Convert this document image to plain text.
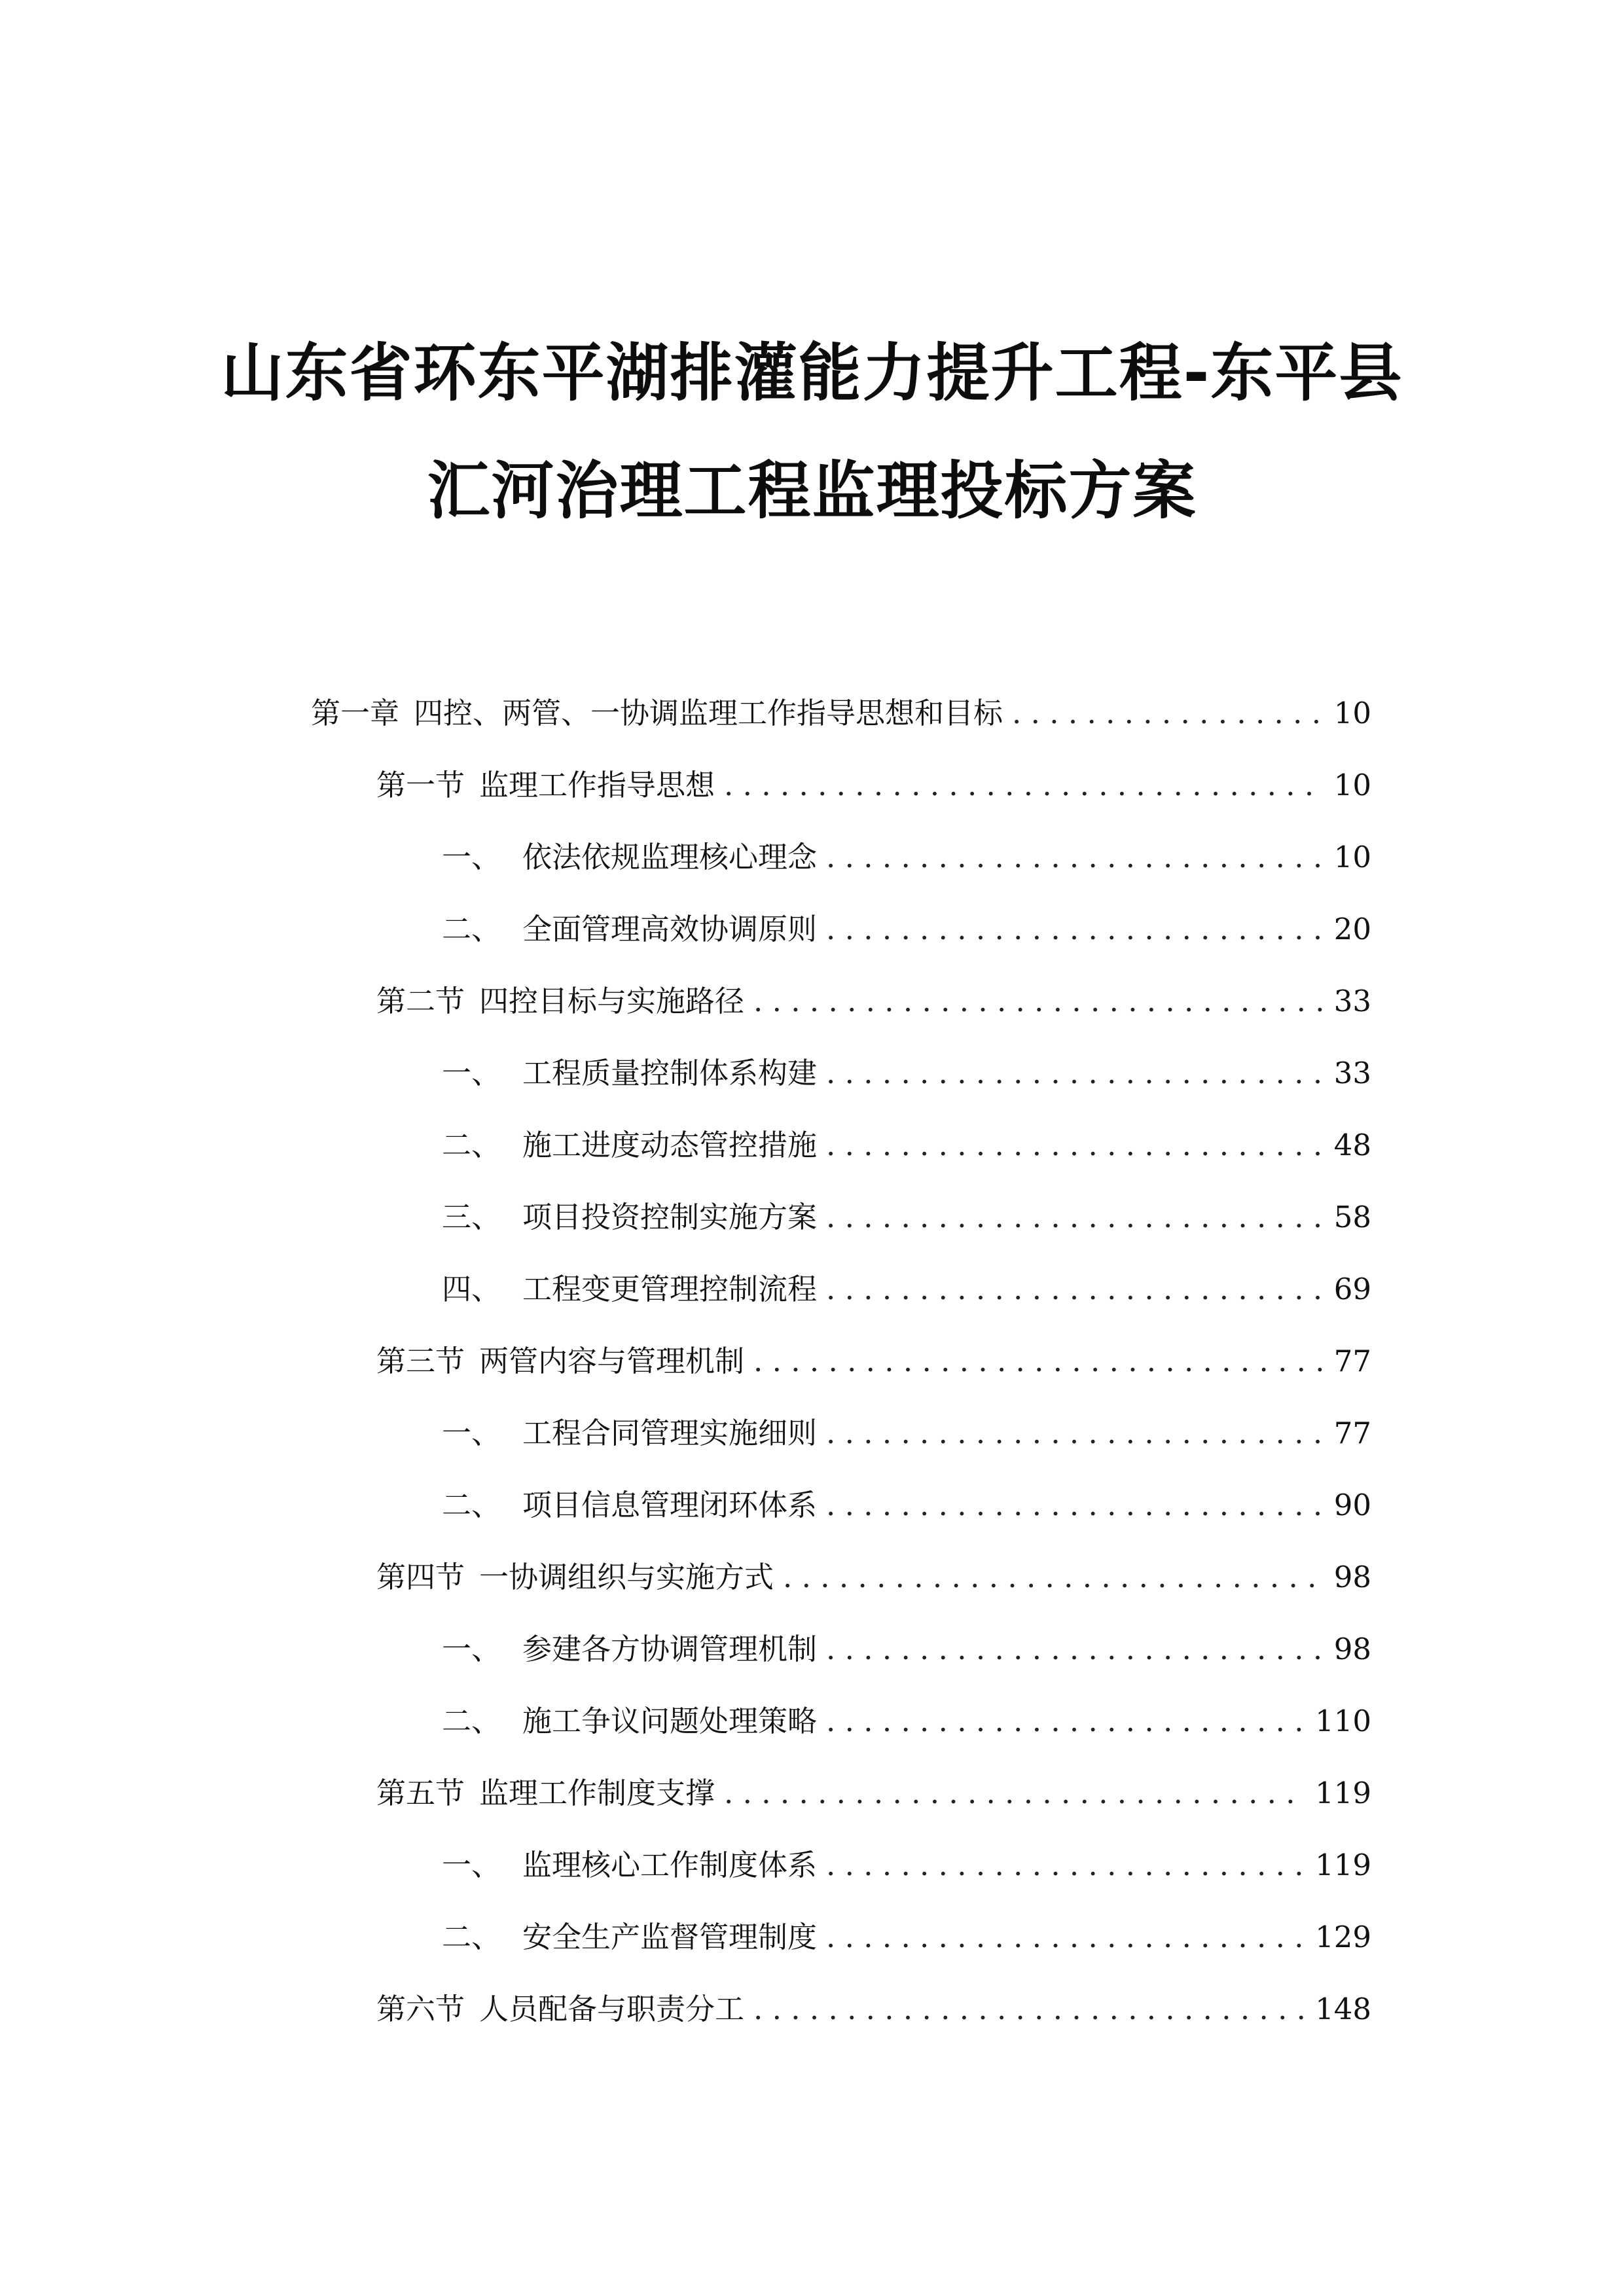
山东省环东平湖排灌能力提升工程-东平县
汇河治理工程监理投标方案
第一章 四控、两管、一协调监理工作指导思想和目标 . . .	10
第一节 监理工作指导思想 . . .	10
一、 依法依规监理核心理念 . . .	10
二、 全面管理高效协调原则 . . .	20
第二节 四控目标与实施路径 . . .	33
一、 工程质量控制体系构建 . . .	33
二、 施工进度动态管控措施 . . .	48
三、 项目投资控制实施方案 . . .	58
四、 工程变更管理控制流程 . . .	69
第三节 两管内容与管理机制 . . .	77
一、 工程合同管理实施细则 . . .	77
二、 项目信息管理闭环体系 . . .	90
第四节 一协调组织与实施方式 . . .	98
一、 参建各方协调管理机制 . . .	98
二、 施工争议问题处理策略 . . .	110
第五节 监理工作制度支撑 . . .	119
一、 监理核心工作制度体系 . . .	119
二、 安全生产监督管理制度 . . .	129
第六节 人员配备与职责分工 . . .	148
